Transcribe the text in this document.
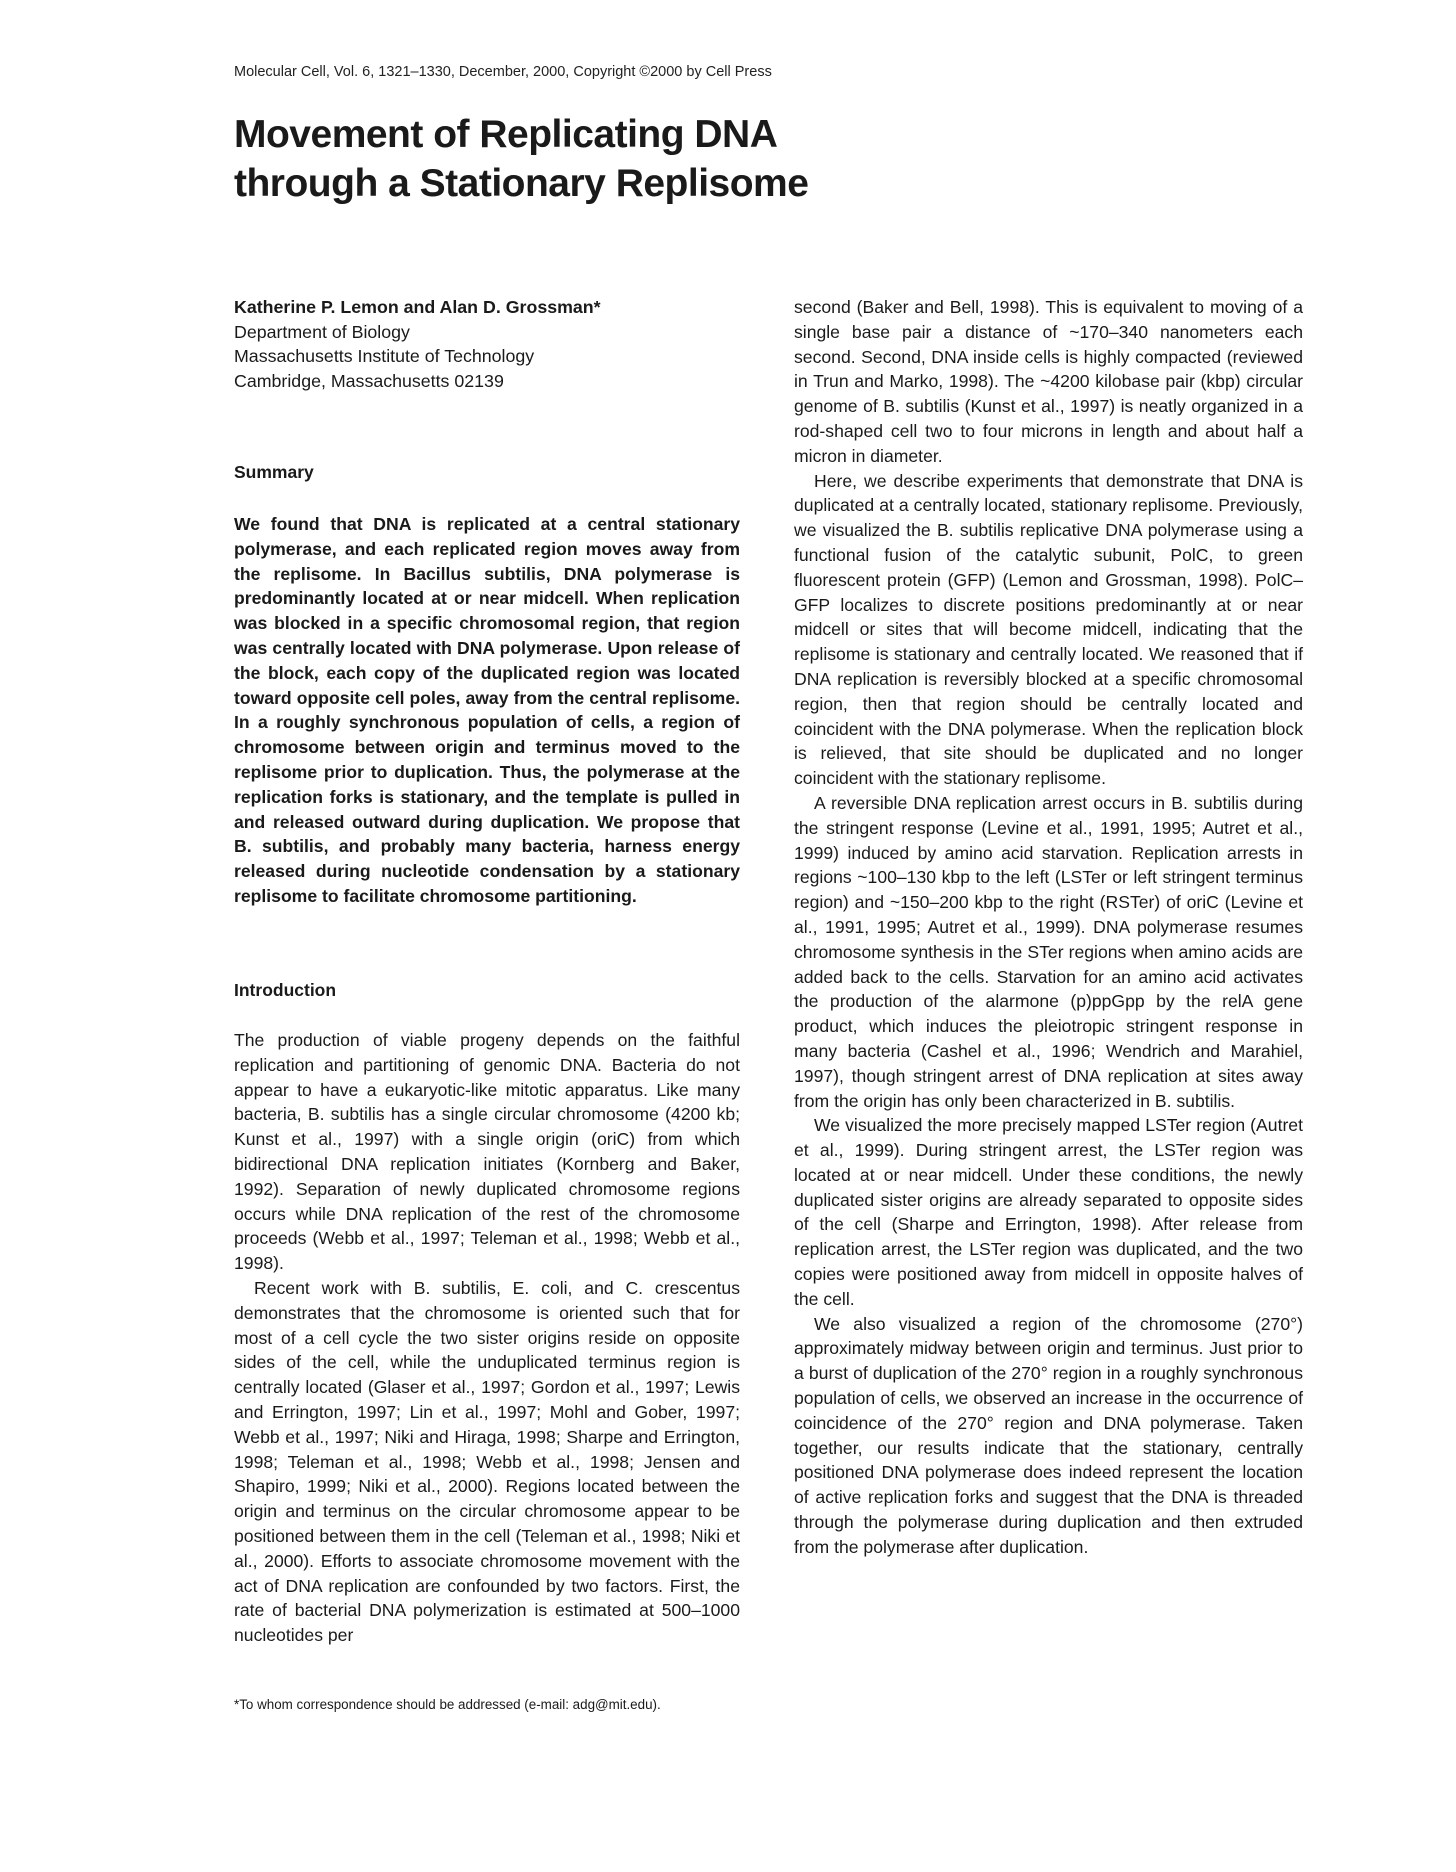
Molecular Cell, Vol. 6, 1321–1330, December, 2000, Copyright ©2000 by Cell Press
Movement of Replicating DNA
through a Stationary Replisome
Katherine P. Lemon and Alan D. Grossman*
Department of Biology
Massachusetts Institute of Technology
Cambridge, Massachusetts 02139
Summary

We found that DNA is replicated at a central stationary polymerase, and each replicated region moves away from the replisome. In Bacillus subtilis, DNA polymerase is predominantly located at or near midcell. When replication was blocked in a specific chromosomal region, that region was centrally located with DNA polymerase. Upon release of the block, each copy of the duplicated region was located toward opposite cell poles, away from the central replisome. In a roughly synchronous population of cells, a region of chromosome between origin and terminus moved to the replisome prior to duplication. Thus, the polymerase at the replication forks is stationary, and the template is pulled in and released outward during duplication. We propose that B. subtilis, and probably many bacteria, harness energy released during nucleotide condensation by a stationary replisome to facilitate chromosome partitioning.

Introduction

The production of viable progeny depends on the faithful replication and partitioning of genomic DNA. Bacteria do not appear to have a eukaryotic-like mitotic apparatus. Like many bacteria, B. subtilis has a single circular chromosome (4200 kb; Kunst et al., 1997) with a single origin (oriC) from which bidirectional DNA replication initiates (Kornberg and Baker, 1992). Separation of newly duplicated chromosome regions occurs while DNA replication of the rest of the chromosome proceeds (Webb et al., 1997; Teleman et al., 1998; Webb et al., 1998).

Recent work with B. subtilis, E. coli, and C. crescentus demonstrates that the chromosome is oriented such that for most of a cell cycle the two sister origins reside on opposite sides of the cell, while the unduplicated terminus region is centrally located (Glaser et al., 1997; Gordon et al., 1997; Lewis and Errington, 1997; Lin et al., 1997; Mohl and Gober, 1997; Webb et al., 1997; Niki and Hiraga, 1998; Sharpe and Errington, 1998; Teleman et al., 1998; Webb et al., 1998; Jensen and Shapiro, 1999; Niki et al., 2000). Regions located between the origin and terminus on the circular chromosome appear to be positioned between them in the cell (Teleman et al., 1998; Niki et al., 2000). Efforts to associate chromosome movement with the act of DNA replication are confounded by two factors. First, the rate of bacterial DNA polymerization is estimated at 500–1000 nucleotides per

*To whom correspondence should be addressed (e-mail: adg@mit.edu).

second (Baker and Bell, 1998). This is equivalent to moving of a single base pair a distance of ~170–340 nanometers each second. Second, DNA inside cells is highly compacted (reviewed in Trun and Marko, 1998). The ~4200 kilobase pair (kbp) circular genome of B. subtilis (Kunst et al., 1997) is neatly organized in a rod-shaped cell two to four microns in length and about half a micron in diameter.

Here, we describe experiments that demonstrate that DNA is duplicated at a centrally located, stationary replisome. Previously, we visualized the B. subtilis replicative DNA polymerase using a functional fusion of the catalytic subunit, PolC, to green fluorescent protein (GFP) (Lemon and Grossman, 1998). PolC–GFP localizes to discrete positions predominantly at or near midcell or sites that will become midcell, indicating that the replisome is stationary and centrally located. We reasoned that if DNA replication is reversibly blocked at a specific chromosomal region, then that region should be centrally located and coincident with the DNA polymerase. When the replication block is relieved, that site should be duplicated and no longer coincident with the stationary replisome.

A reversible DNA replication arrest occurs in B. subtilis during the stringent response (Levine et al., 1991, 1995; Autret et al., 1999) induced by amino acid starvation. Replication arrests in regions ~100–130 kbp to the left (LSTer or left stringent terminus region) and ~150–200 kbp to the right (RSTer) of oriC (Levine et al., 1991, 1995; Autret et al., 1999). DNA polymerase resumes chromosome synthesis in the STer regions when amino acids are added back to the cells. Starvation for an amino acid activates the production of the alarmone (p)ppGpp by the relA gene product, which induces the pleiotropic stringent response in many bacteria (Cashel et al., 1996; Wendrich and Marahiel, 1997), though stringent arrest of DNA replication at sites away from the origin has only been characterized in B. subtilis.

We visualized the more precisely mapped LSTer region (Autret et al., 1999). During stringent arrest, the LSTer region was located at or near midcell. Under these conditions, the newly duplicated sister origins are already separated to opposite sides of the cell (Sharpe and Errington, 1998). After release from replication arrest, the LSTer region was duplicated, and the two copies were positioned away from midcell in opposite halves of the cell.

We also visualized a region of the chromosome (270°) approximately midway between origin and terminus. Just prior to a burst of duplication of the 270° region in a roughly synchronous population of cells, we observed an increase in the occurrence of coincidence of the 270° region and DNA polymerase. Taken together, our results indicate that the stationary, centrally positioned DNA polymerase does indeed represent the location of active replication forks and suggest that the DNA is threaded through the polymerase during duplication and then extruded from the polymerase after duplication.
